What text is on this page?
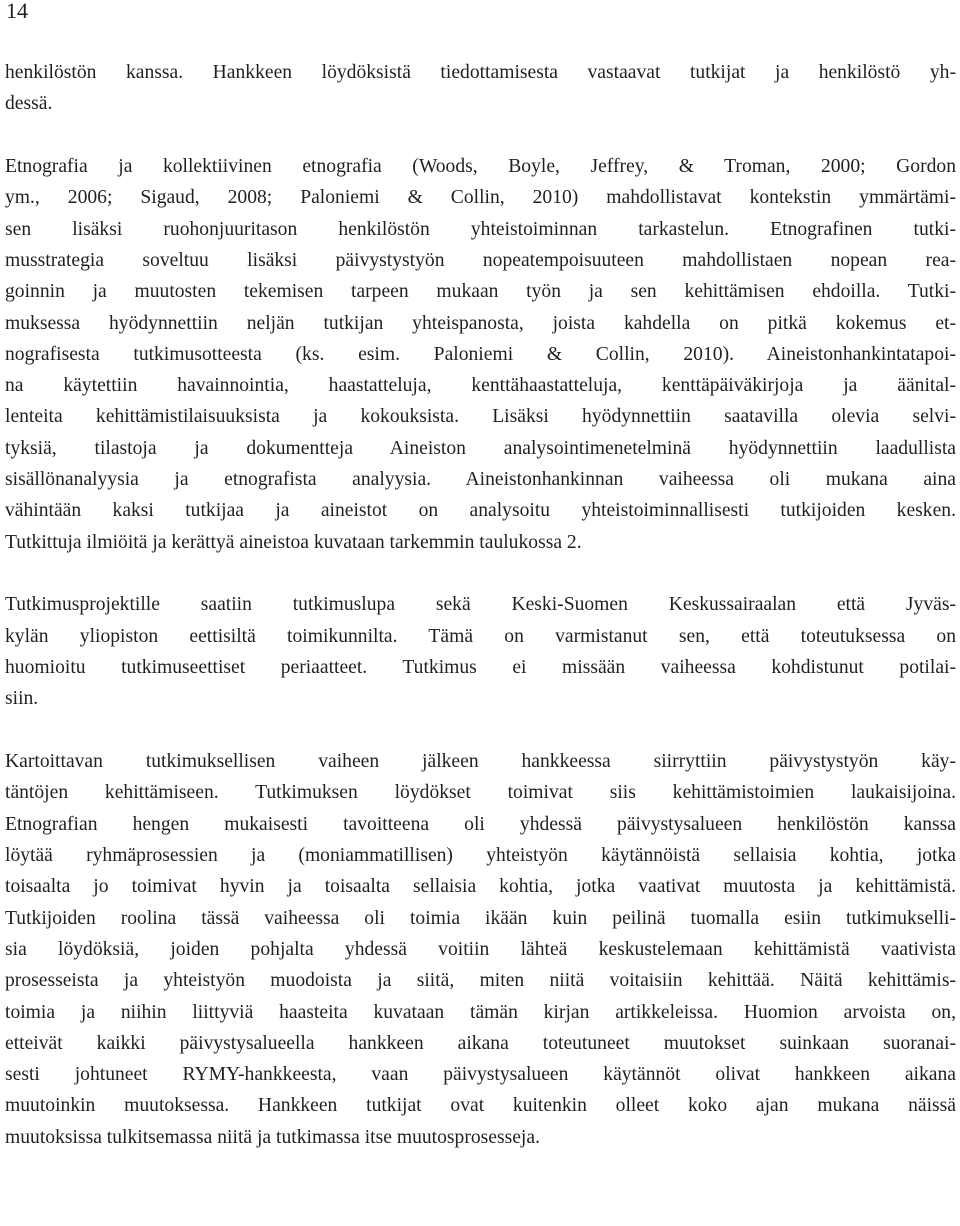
14

henkilöstön kanssa. Hankkeen löydöksistä tiedottamisesta vastaavat tutkijat ja henkilöstö yh-
dessä.

Etnografia ja kollektiivinen etnografia (Woods, Boyle, Jeffrey, & Troman, 2000; Gordon
ym., 2006; Sigaud, 2008; Paloniemi & Collin, 2010) mahdollistavat kontekstin ymmärtämi-
sen lisäksi ruohonjuuritason henkilöstön yhteistoiminnan tarkastelun. Etnografinen tutki-
musstrategia soveltuu lisäksi päivystystyön nopeatempoisuuteen mahdollistaen nopean rea-
goinnin ja muutosten tekemisen tarpeen mukaan työn ja sen kehittämisen ehdoilla. Tutki-
muksessa hyödynnettiin neljän tutkijan yhteispanosta, joista kahdella on pitkä kokemus et-
nografisesta tutkimusotteesta (ks. esim. Paloniemi & Collin, 2010). Aineistonhankintatapoi-
na käytettiin havainnointia, haastatteluja, kenttähaastatteluja, kenttäpäiväkirjoja ja äänital-
lenteita kehittämistilaisuuksista ja kokouksista. Lisäksi hyödynnettiin saatavilla olevia selvi-
tyksiä, tilastoja ja dokumentteja Aineiston analysointimenetelminä hyödynnettiin laadullista
sisällönanalyysia ja etnografista analyysia. Aineistonhankinnan vaiheessa oli mukana aina
vähintään kaksi tutkijaa ja aineistot on analysoitu yhteistoiminnallisesti tutkijoiden kesken.
Tutkittuja ilmiöitä ja kerättyä aineistoa kuvataan tarkemmin taulukossa 2.

Tutkimusprojektille saatiin tutkimuslupa sekä Keski-Suomen Keskussairaalan että Jyväs-
kylän yliopiston eettisiltä toimikunnilta. Tämä on varmistanut sen, että toteutuksessa on
huomioitu tutkimuseettiset periaatteet. Tutkimus ei missään vaiheessa kohdistunut potilai-
siin.

Kartoittavan tutkimuksellisen vaiheen jälkeen hankkeessa siirryttiin päivystystyön käy-
täntöjen kehittämiseen. Tutkimuksen löydökset toimivat siis kehittämistoimien laukaisijoina.
Etnografian hengen mukaisesti tavoitteena oli yhdessä päivystysalueen henkilöstön kanssa
löytää ryhmäprosessien ja (moniammatillisen) yhteistyön käytännöistä sellaisia kohtia, jotka
toisaalta jo toimivat hyvin ja toisaalta sellaisia kohtia, jotka vaativat muutosta ja kehittämistä.
Tutkijoiden roolina tässä vaiheessa oli toimia ikään kuin peilinä tuomalla esiin tutkimukselli-
sia löydöksiä, joiden pohjalta yhdessä voitiin lähteä keskustelemaan kehittämistä vaativista
prosesseista ja yhteistyön muodoista ja siitä, miten niitä voitaisiin kehittää. Näitä kehittämis-
toimia ja niihin liittyviä haasteita kuvataan tämän kirjan artikkeleissa. Huomion arvoista on,
etteivät kaikki päivystysalueella hankkeen aikana toteutuneet muutokset suinkaan suoranai-
sesti johtuneet RYMY-hankkeesta, vaan päivystysalueen käytännöt olivat hankkeen aikana
muutoinkin muutoksessa. Hankkeen tutkijat ovat kuitenkin olleet koko ajan mukana näissä
muutoksissa tulkitsemassa niitä ja tutkimassa itse muutosprosesseja.
